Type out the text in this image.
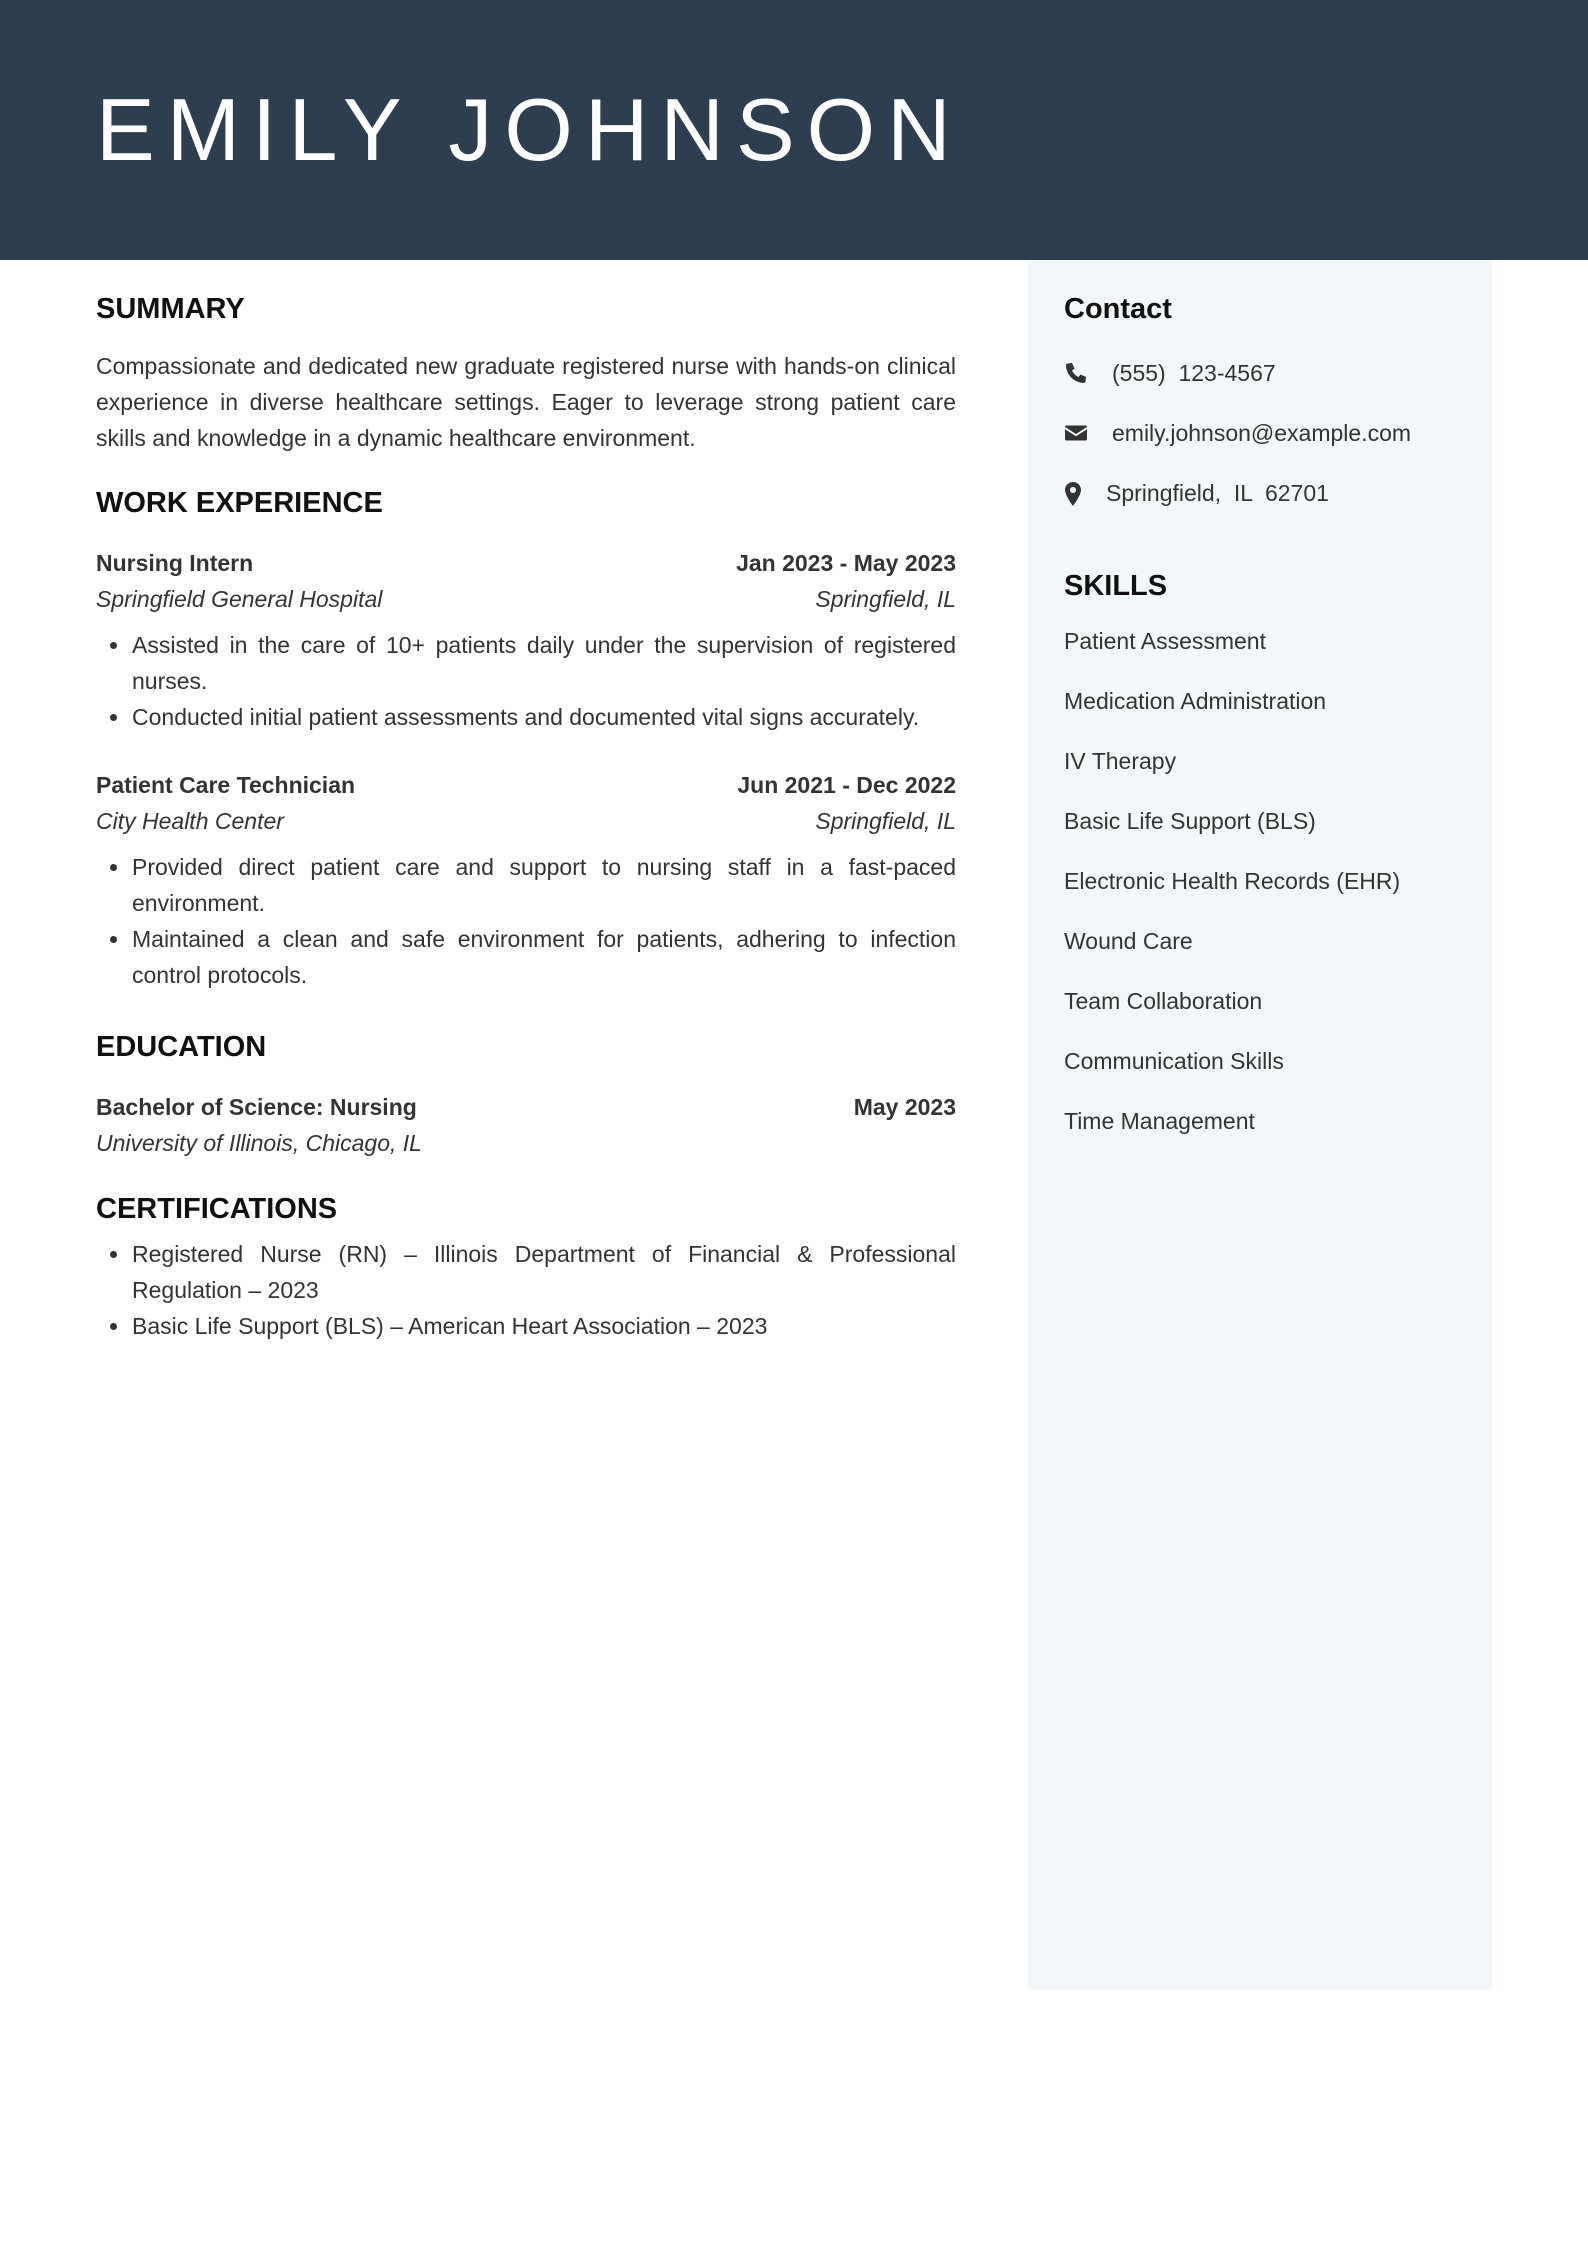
EMILY JOHNSON
SUMMARY

Compassionate and dedicated new graduate registered nurse with hands-on clinical experience in diverse healthcare settings. Eager to leverage strong patient care skills and knowledge in a dynamic healthcare environment.

WORK EXPERIENCE
Nursing Intern	Jan 2023 - May 2023
Springfield General Hospital	Springfield, IL
• Assisted in the care of 10+ patients daily under the supervision of registered nurses.
• Conducted initial patient assessments and documented vital signs accurately.
Patient Care Technician	Jun 2021 - Dec 2022
City Health Center	Springfield, IL
• Provided direct patient care and support to nursing staff in a fast-paced environment.
• Maintained a clean and safe environment for patients, adhering to infection control protocols.
EDUCATION
Bachelor of Science: Nursing	May 2023
University of Illinois, Chicago, IL
CERTIFICATIONS
• Registered Nurse (RN) – Illinois Department of Financial & Professional Regulation – 2023
• Basic Life Support (BLS) – American Heart Association – 2023
Contact
(555)  123-4567
emily.johnson@example.com
Springfield,  IL  62701
SKILLS
Patient Assessment
Medication Administration
IV Therapy
Basic Life Support (BLS)
Electronic Health Records (EHR)
Wound Care
Team Collaboration
Communication Skills
Time Management
